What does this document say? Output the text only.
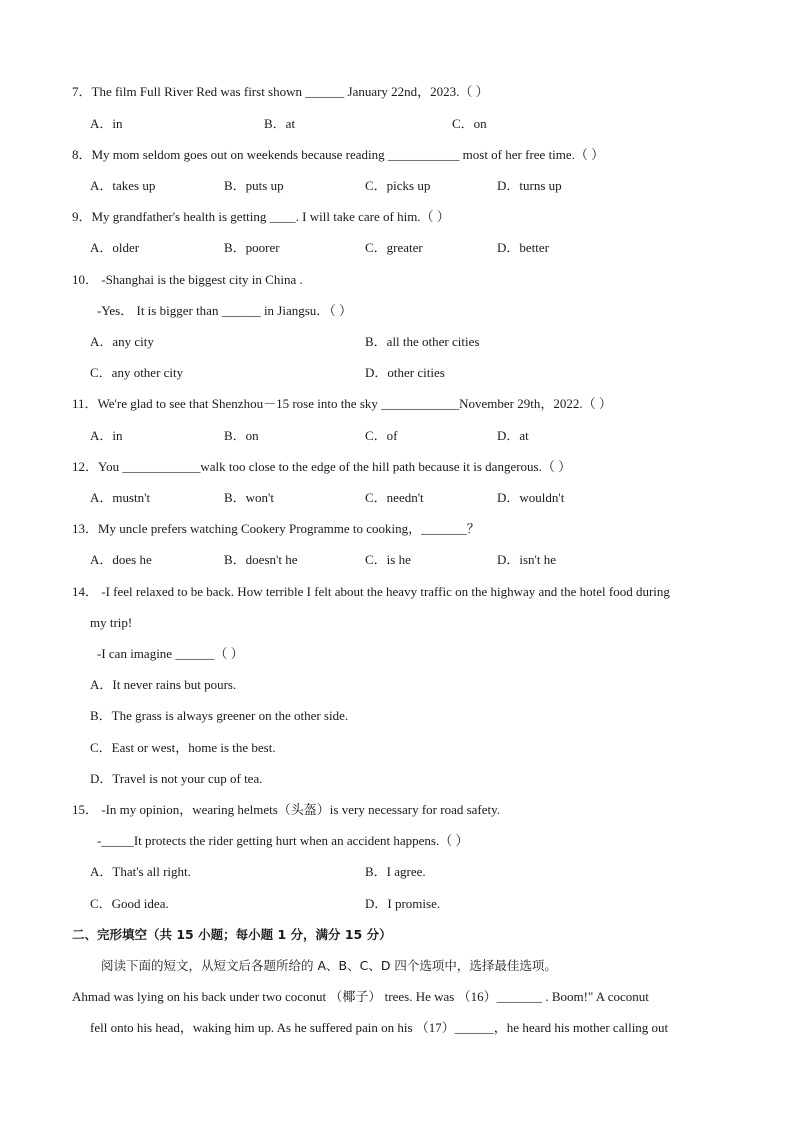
7．The film Full River Red was first shown ______ January 22nd，2023.（ ）
A．in	B．at	C．on
8．My mom seldom goes out on weekends because reading ___________ most of her free time.（ ）
A．takes up	B．puts up	C．picks up	D．turns up
9．My grandfather's health is getting ____. I will take care of him.（ ）
A．older	B．poorer	C．greater	D．better
10． -Shanghai is the biggest city in China .
-Yes． It is bigger than ______ in Jiangsu．（ ）
A．any city	B．all the other cities
C．any other city	D．other cities
11．We're glad to see that Shenzhou－15 rose into the sky ____________November 29th，2022.（ ）
A．in	B．on	C．of	D．at
12．You ____________walk too close to the edge of the hill path because it is dangerous.（ ）
A．mustn't	B．won't	C．needn't	D．wouldn't
13．My uncle prefers watching Cookery Programme to cooking，_______？
A．does he	B．doesn't he	C．is he	D．isn't he
14． -I feel relaxed to be back. How terrible I felt about the heavy traffic on the highway and the hotel food during
my trip!
-I can imagine ______（ ）
A．It never rains but pours.
B．The grass is always greener on the other side.
C．East or west，home is the best.
D．Travel is not your cup of tea.
15． -In my opinion，wearing helmets（头盔）is very necessary for road safety.
-_____It protects the rider getting hurt when an accident happens.（ ）
A．That's all right.	B．I agree.
C．Good idea.	D．I promise.
二、完形填空（共 15 小题；每小题 1 分，满分 15 分）
阅读下面的短文，从短文后各题所给的 A、B、C、D 四个选项中，选择最佳选项。
Ahmad was lying on his back under two coconut （椰子） trees. He was （16）_______ . Boom!" A coconut
fell onto his head，waking him up. As he suffered pain on his （17）______，he heard his mother calling out
